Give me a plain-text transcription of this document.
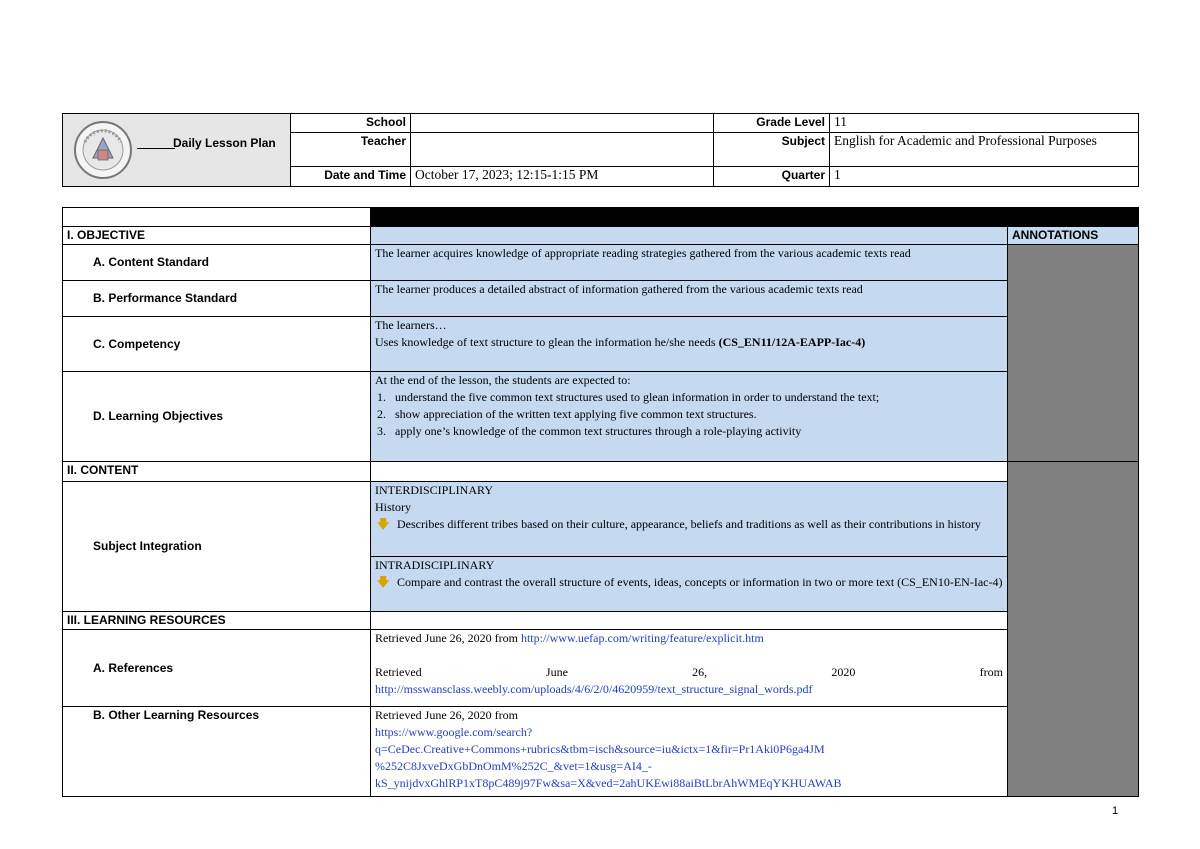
Daily Lesson Plan	School		Grade Level	11
	Teacher		Subject	English for Academic and Professional Purposes
	Date and Time	October 17, 2023; 12:15-1:15 PM	Quarter	1

I. OBJECTIVE		ANNOTATIONS
A. Content Standard	The learner acquires knowledge of appropriate reading strategies gathered from the various academic texts read	
B. Performance Standard	The learner produces a detailed abstract of information gathered from the various academic texts read	
C. Competency	The learners…
Uses knowledge of text structure to glean the information he/she needs (CS_EN11/12A-EAPP-Iac-4)	

D. Learning Objectives	At the end of the lesson, the students are expected to:
1. understand the five common text structures used to glean information in order to understand the text;
2. show appreciation of the written text applying five common text structures.
3. apply one’s knowledge of the common text structures through a role-playing activity	

II. CONTENT		
Subject Integration	INTERDISCIPLINARY
History
🡇 Describes different tribes based on their culture, appearance, beliefs and traditions as well as their contributions in history	

	INTRADISCIPLINARY
🡇 Compare and contrast the overall structure of events, ideas, concepts or information in two or more text (CS_EN10-EN-Iac-4)	

III. LEARNING RESOURCES		
A. References	Retrieved June 26, 2020 from http://www.uefap.com/writing/feature/explicit.htm
Retrieved June 26, 2020 from
http://msswansclass.weebly.com/uploads/4/6/2/0/4620959/text_structure_signal_words.pdf	

B. Other Learning Resources	Retrieved June 26, 2020 from
https://www.google.com/search?
q=CeDec.Creative+Commons+rubrics&tbm=isch&source=iu&ictx=1&fir=Pr1Aki0P6ga4JM
%252C8JxveDxGbDnOmM%252C_&vet=1&usg=AI4_-
kS_ynijdvxGhlRP1xT8pC489j97Fw&sa=X&ved=2ahUKEwi88aiBtLbrAhWMEqYKHUAWAB	
1
